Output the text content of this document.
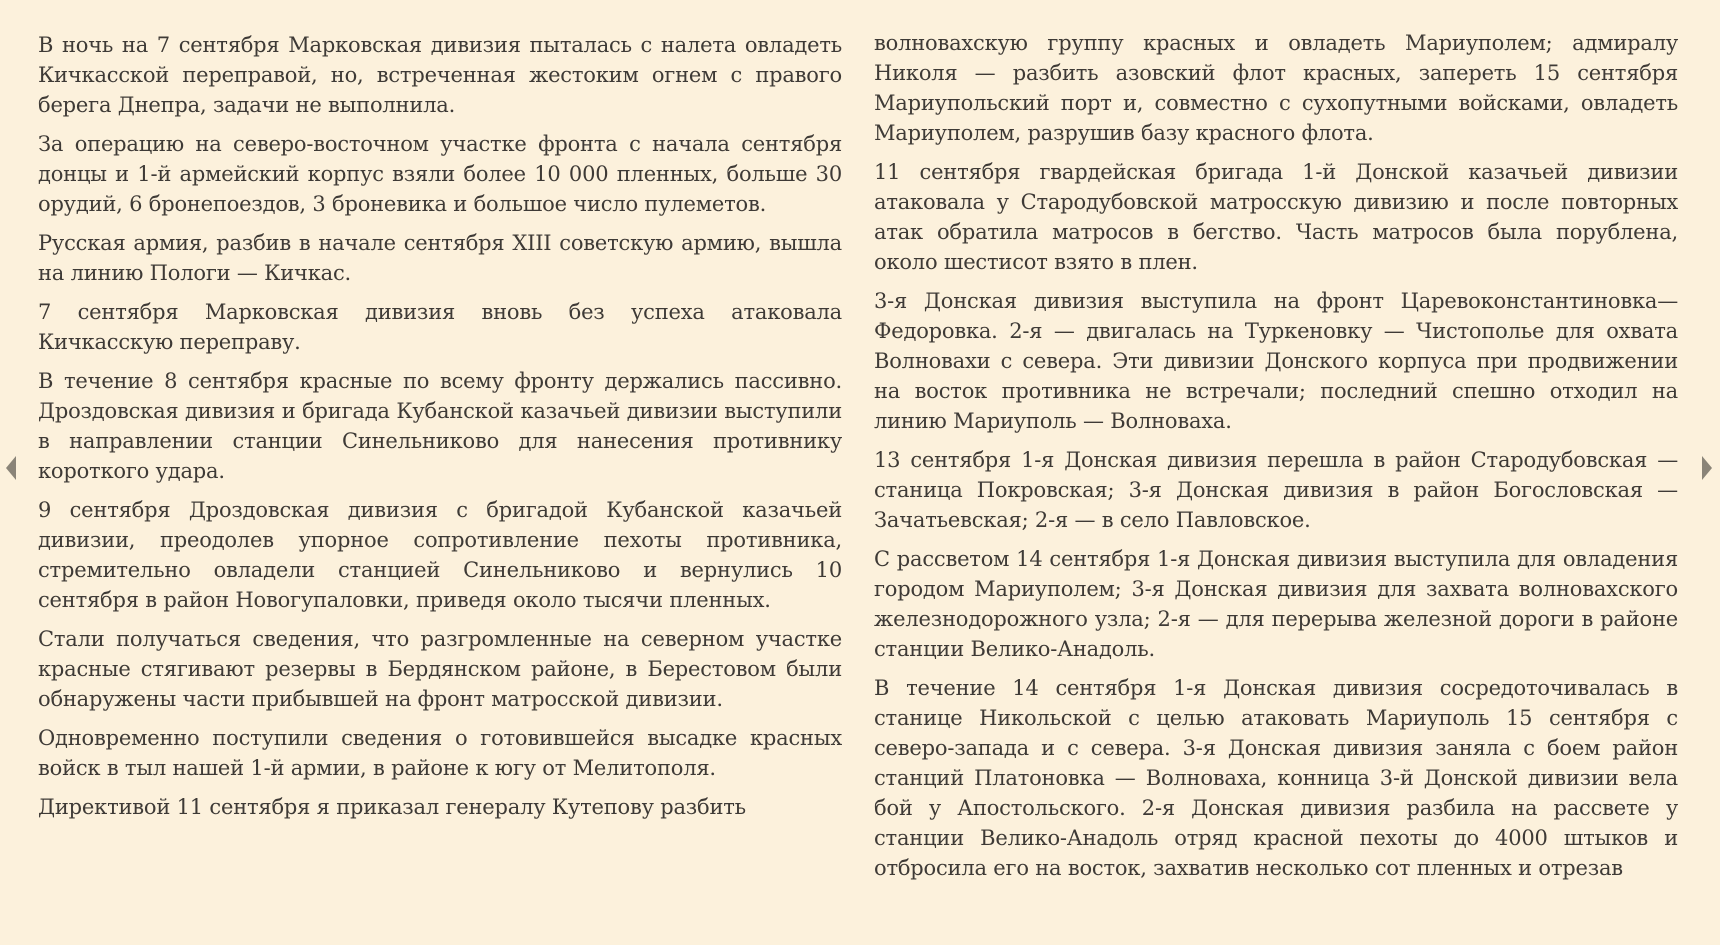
В ночь на 7 сентября Марковская дивизия пыталась с налета овладеть Кичкасской переправой, но, встреченная жестоким огнем с правого берега Днепра, задачи не выполнила.

За операцию на северо-восточном участке фронта с начала сентября донцы и 1-й армейский корпус взяли более 10 000 пленных, больше 30 орудий, 6 бронепоездов, 3 броневика и большое число пулеметов.

Русская армия, разбив в начале сентября XIII советскую армию, вышла на линию Пологи — Кичкас.

7 сентября Марковская дивизия вновь без успеха атаковала Кичкасскую переправу.

В течение 8 сентября красные по всему фронту держались пассивно. Дроздовская дивизия и бригада Кубанской казачьей дивизии выступили в направлении станции Синельниково для нанесения противнику короткого удара.

9 сентября Дроздовская дивизия с бригадой Кубанской казачьей дивизии, преодолев упорное сопротивление пехоты противника, стремительно овладели станцией Синельниково и вернулись 10 сентября в район Новогупаловки, приведя около тысячи пленных.

Стали получаться сведения, что разгромленные на северном участке красные стягивают резервы в Бердянском районе, в Берестовом были обнаружены части прибывшей на фронт матросской дивизии.

Одновременно поступили сведения о готовившейся высадке красных войск в тыл нашей 1-й армии, в районе к югу от Мелитополя.

Директивой 11 сентября я приказал генералу Кутепову разбить

волновахскую группу красных и овладеть Мариуполем; адмиралу Николя — разбить азовский флот красных, запереть 15 сентября Мариупольский порт и, совместно с сухопутными войсками, овладеть Мариуполем, разрушив базу красного флота.

11 сентября гвардейская бригада 1-й Донской казачьей дивизии атаковала у Стародубовской матросскую дивизию и после повторных атак обратила матросов в бегство. Часть матросов была порублена, около шестисот взято в плен.

3-я Донская дивизия выступила на фронт Царевоконстантиновка—Федоровка. 2-я — двигалась на Туркеновку — Чистополье для охвата Волновахи с севера. Эти дивизии Донского корпуса при продвижении на восток противника не встречали; последний спешно отходил на линию Мариуполь — Волноваха.

13 сентября 1-я Донская дивизия перешла в район Стародубовская — станица Покровская; 3-я Донская дивизия в район Богословская — Зачатьевская; 2-я — в село Павловское.

С рассветом 14 сентября 1-я Донская дивизия выступила для овладения городом Мариуполем; 3-я Донская дивизия для захвата волновахского железнодорожного узла; 2-я — для перерыва железной дороги в районе станции Велико-Анадоль.

В течение 14 сентября 1-я Донская дивизия сосредоточивалась в станице Никольской с целью атаковать Мариуполь 15 сентября с северо-запада и с севера. 3-я Донская дивизия заняла с боем район станций Платоновка — Волноваха, конница 3-й Донской дивизии вела бой у Апостольского. 2-я Донская дивизия разбила на рассвете у станции Велико-Анадоль отряд красной пехоты до 4000 штыков и отбросила его на восток, захватив несколько сот пленных и отрезав
